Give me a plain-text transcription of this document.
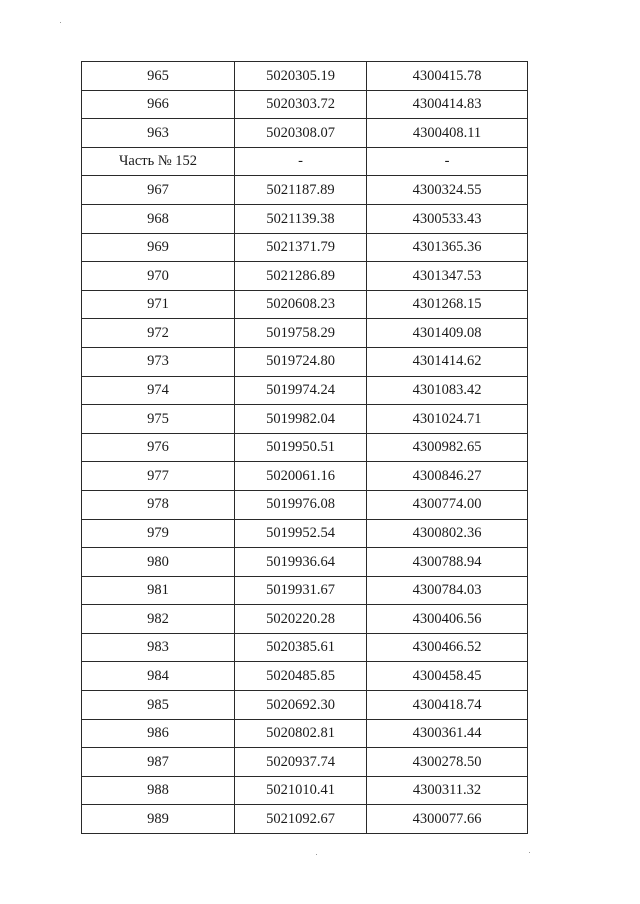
965	5020305.19	4300415.78
966	5020303.72	4300414.83
963	5020308.07	4300408.11
Часть № 152	-	-
967	5021187.89	4300324.55
968	5021139.38	4300533.43
969	5021371.79	4301365.36
970	5021286.89	4301347.53
971	5020608.23	4301268.15
972	5019758.29	4301409.08
973	5019724.80	4301414.62
974	5019974.24	4301083.42
975	5019982.04	4301024.71
976	5019950.51	4300982.65
977	5020061.16	4300846.27
978	5019976.08	4300774.00
979	5019952.54	4300802.36
980	5019936.64	4300788.94
981	5019931.67	4300784.03
982	5020220.28	4300406.56
983	5020385.61	4300466.52
984	5020485.85	4300458.45
985	5020692.30	4300418.74
986	5020802.81	4300361.44
987	5020937.74	4300278.50
988	5021010.41	4300311.32
989	5021092.67	4300077.66
